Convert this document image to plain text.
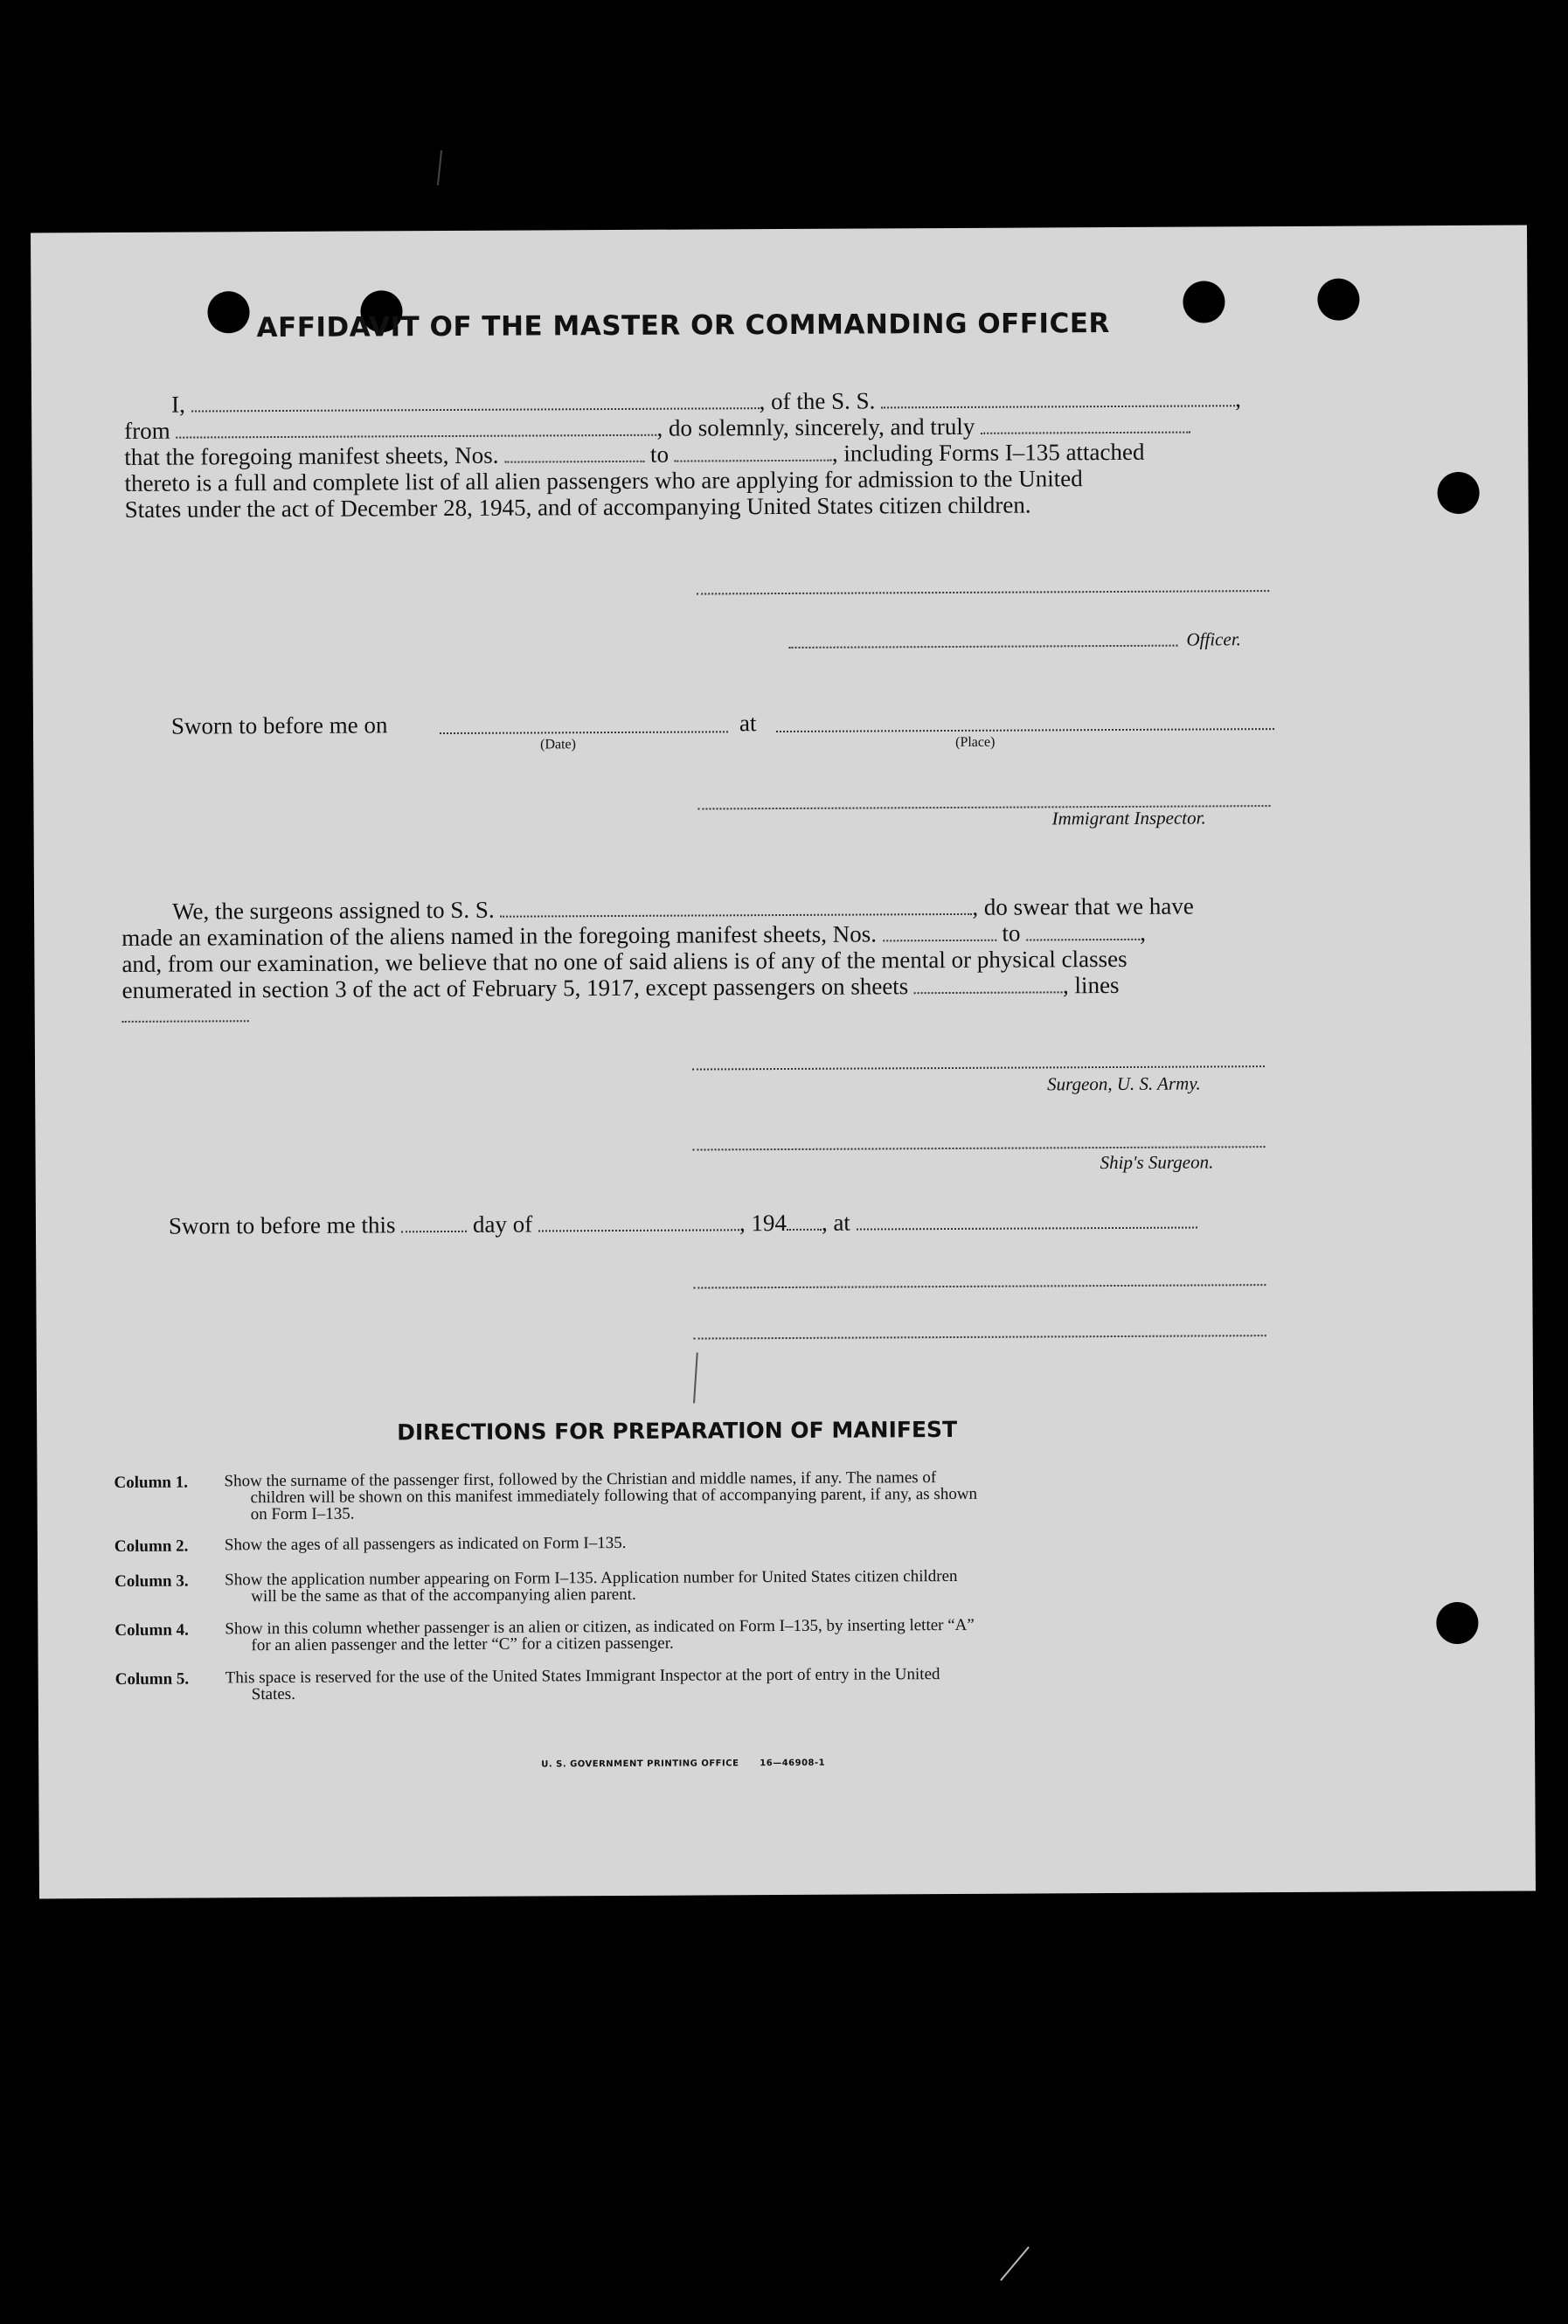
AFFIDAVIT OF THE MASTER OR COMMANDING OFFICER
I,	, of the S. S.	,
from	, do solemnly, sincerely, and truly
that the foregoing manifest sheets, Nos.	to	, including Forms I–135 attached
thereto is a full and complete list of all alien passengers who are applying for admission to the United
States under the act of December 28, 1945, and of accompanying United States citizen children.
Officer.
Sworn to before me on
(Date)
at
(Place)
Immigrant Inspector.
We, the surgeons assigned to S. S.	, do swear that we have
made an examination of the aliens named in the foregoing manifest sheets, Nos.	to	,
and, from our examination, we believe that no one of said aliens is of any of the mental or physical classes
enumerated in section 3 of the act of February 5, 1917, except passengers on sheets	, lines
Surgeon, U. S. Army.
Ship's Surgeon.
Sworn to before me this	day of	, 194 , at
DIRECTIONS FOR PREPARATION OF MANIFEST
Column 1.	Show the surname of the passenger first, followed by the Christian and middle names, if any. The names of
children will be shown on this manifest immediately following that of accompanying parent, if any, as shown
on Form I–135.
Column 2.	Show the ages of all passengers as indicated on Form I–135.
Column 3.	Show the application number appearing on Form I–135. Application number for United States citizen children
will be the same as that of the accompanying alien parent.
Column 4.	Show in this column whether passenger is an alien or citizen, as indicated on Form I–135, by inserting letter “A”
for an alien passenger and the letter “C” for a citizen passenger.
Column 5.	This space is reserved for the use of the United States Immigrant Inspector at the port of entry in the United
States.
U. S. GOVERNMENT PRINTING OFFICE      16—46908-1
